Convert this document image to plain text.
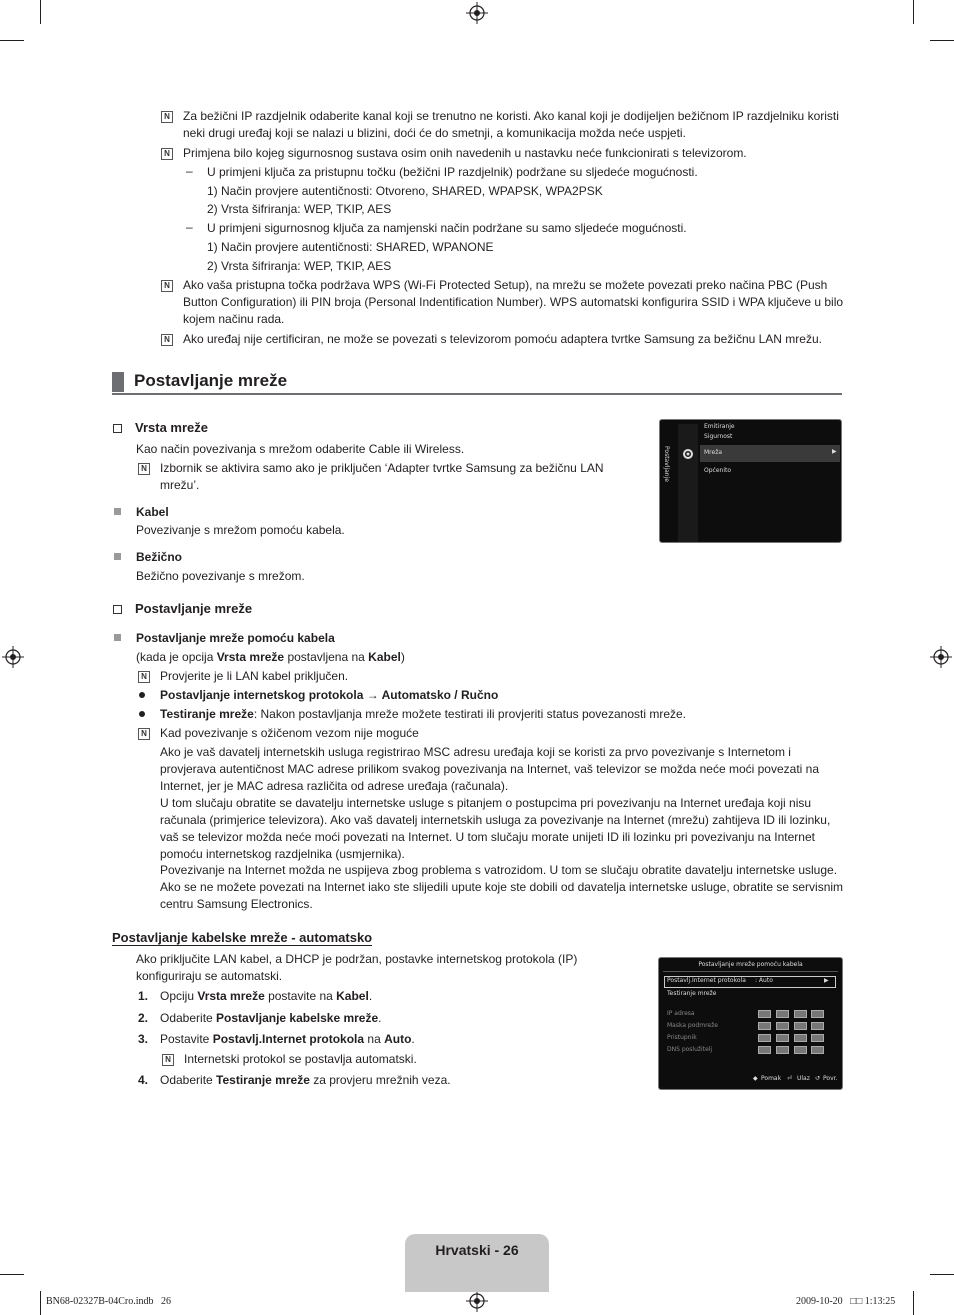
N Za bežični IP razdjelnik odaberite kanal koji se trenutno ne koristi. Ako kanal koji je dodijeljen bežičnom IP razdjelniku koristi neki drugi uređaj koji se nalazi u blizini, doći će do smetnji, a komunikacija možda neće uspjeti.
N Primjena bilo kojeg sigurnosnog sustava osim onih navedenih u nastavku neće funkcionirati s televizorom.
– U primjeni ključa za pristupnu točku (bežični IP razdjelnik) podržane su sljedeće mogućnosti.
1) Način provjere autentičnosti: Otvoreno, SHARED, WPAPSK, WPA2PSK
2) Vrsta šifriranja: WEP, TKIP, AES
– U primjeni sigurnosnog ključa za namjenski način podržane su samo sljedeće mogućnosti.
1) Način provjere autentičnosti: SHARED, WPANONE
2) Vrsta šifriranja: WEP, TKIP, AES
N Ako vaša pristupna točka podržava WPS (Wi-Fi Protected Setup), na mrežu se možete povezati preko načina PBC (Push Button Configuration) ili PIN broja (Personal Indentification Number). WPS automatski konfigurira SSID i WPA ključeve u bilo kojem načinu rada.
N Ako uređaj nije certificiran, ne može se povezati s televizorom pomoću adaptera tvrtke Samsung za bežičnu LAN mrežu.
Postavljanje mreže
Vrsta mreže
Kao način povezivanja s mrežom odaberite Cable ili Wireless.
N Izbornik se aktivira samo ako je priključen ‘Adapter tvrtke Samsung za bežičnu LAN mrežu’.
Kabel
Povezivanje s mrežom pomoću kabela.
Bežično
Bežično povezivanje s mrežom.
Postavljanje
Emitiranje
Sigurnost
Mreža	▶
Općenito
Postavljanje mreže
Postavljanje mreže pomoću kabela
(kada je opcija Vrsta mreže postavljena na Kabel)
N Provjerite je li LAN kabel priključen.
Postavljanje internetskog protokola → Automatsko / Ručno
Testiranje mreže: Nakon postavljanja mreže možete testirati ili provjeriti status povezanosti mreže.
N Kad povezivanje s ožičenom vezom nije moguće
Ako je vaš davatelj internetskih usluga registrirao MSC adresu uređaja koji se koristi za prvo povezivanje s Internetom i provjerava autentičnost MAC adrese prilikom svakog povezivanja na Internet, vaš televizor se možda neće moći povezati na Internet, jer je MAC adresa različita od adrese uređaja (računala).
U tom slučaju obratite se davatelju internetske usluge s pitanjem o postupcima pri povezivanju na Internet uređaja koji nisu računala (primjerice televizora). Ako vaš davatelj internetskih usluga za povezivanje na Internet (mrežu) zahtijeva ID ili lozinku, vaš se televizor možda neće moći povezati na Internet. U tom slučaju morate unijeti ID ili lozinku pri povezivanju na Internet pomoću internetskog razdjelnika (usmjernika).
Povezivanje na Internet možda ne uspijeva zbog problema s vatrozidom. U tom se slučaju obratite davatelju internetske usluge. Ako se ne možete povezati na Internet iako ste slijedili upute koje ste dobili od davatelja internetske usluge, obratite se servisnim centru Samsung Electronics.
Postavljanje kabelske mreže - automatsko
Ako priključite LAN kabel, a DHCP je podržan, postavke internetskog protokola (IP) konfiguriraju se automatski.
1. Opciju Vrsta mreže postavite na Kabel.
2. Odaberite Postavljanje kabelske mreže.
3. Postavite Postavlj.Internet protokola na Auto.
N Internetski protokol se postavlja automatski.
4. Odaberite Testiranje mreže za provjeru mrežnih veza.
Postavljanje mreže pomoću kabela
Postavlj.Internet protokola : Auto	▶
Testiranje mreže
IP adresa
Maska podmreže
Pristupnik
DNS poslužitelj
◆ Pomak ⏎ Ulaz ↺ Povr.
Hrvatski - 26
BN68-02327B-04Cro.indb   26	2009-10-20   □□ 1:13:25
